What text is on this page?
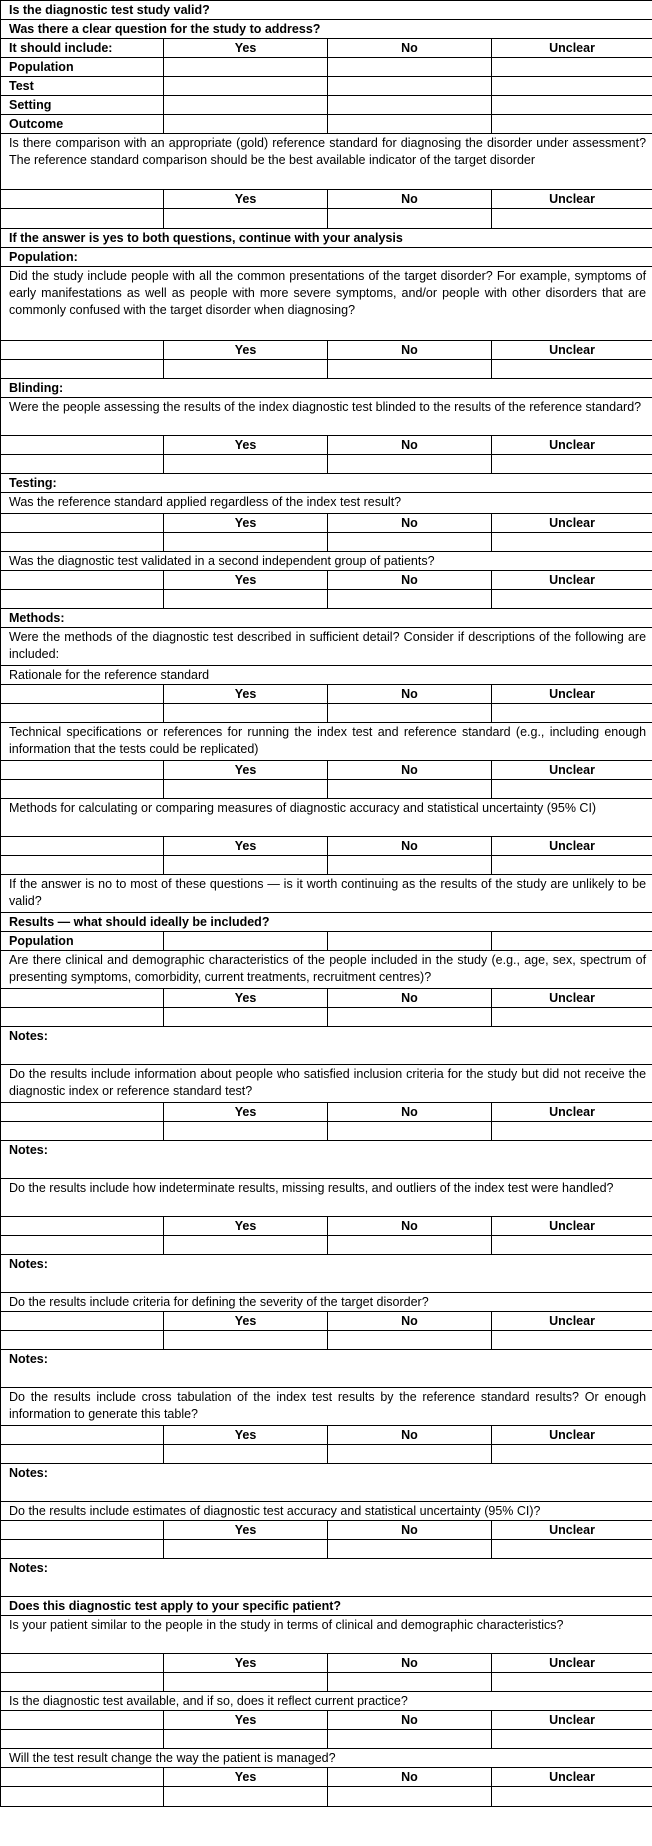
Is the diagnostic test study valid?			
Was there a clear question for the study to address?			
It should include:	Yes	No	Unclear
Population			
Test			
Setting			
Outcome			
Is there comparison with an appropriate (gold) reference standard for diagnosing the disorder under assessment? The reference standard comparison should be the best available indicator of the target disorder			
	Yes	No	Unclear

If the answer is yes to both questions, continue with your analysis			
Population:			
Did the study include people with all the common presentations of the target disorder? For example, symptoms of early manifestations as well as people with more severe symptoms, and/or people with other disorders that are commonly confused with the target disorder when diagnosing?			
	Yes	No	Unclear

Blinding:			
Were the people assessing the results of the index diagnostic test blinded to the results of the reference standard?			
	Yes	No	Unclear

Testing:			
Was the reference standard applied regardless of the index test result?			
	Yes	No	Unclear

Was the diagnostic test validated in a second independent group of patients?			
	Yes	No	Unclear

Methods:			
Were the methods of the diagnostic test described in sufficient detail? Consider if descriptions of the following are included:			
Rationale for the reference standard			
	Yes	No	Unclear

Technical specifications or references for running the index test and reference standard (e.g., including enough information that the tests could be replicated)			
	Yes	No	Unclear

Methods for calculating or comparing measures of diagnostic accuracy and statistical uncertainty (95% CI)			
	Yes	No	Unclear

If the answer is no to most of these questions — is it worth continuing as the results of the study are unlikely to be valid?			
Results — what should ideally be included?			
Population			
Are there clinical and demographic characteristics of the people included in the study (e.g., age, sex, spectrum of presenting symptoms, comorbidity, current treatments, recruitment centres)?			
	Yes	No	Unclear

Notes:			
Do the results include information about people who satisfied inclusion criteria for the study but did not receive the diagnostic index or reference standard test?			
	Yes	No	Unclear

Notes:			
Do the results include how indeterminate results, missing results, and outliers of the index test were handled?			
	Yes	No	Unclear

Notes:			
Do the results include criteria for defining the severity of the target disorder?			
	Yes	No	Unclear

Notes:			
Do the results include cross tabulation of the index test results by the reference standard results? Or enough information to generate this table?			
	Yes	No	Unclear

Notes:			
Do the results include estimates of diagnostic test accuracy and statistical uncertainty (95% CI)?			
	Yes	No	Unclear

Notes:			
Does this diagnostic test apply to your specific patient?			
Is your patient similar to the people in the study in terms of clinical and demographic characteristics?			
	Yes	No	Unclear

Is the diagnostic test available, and if so, does it reflect current practice?			
	Yes	No	Unclear

Will the test result change the way the patient is managed?			
	Yes	No	Unclear
